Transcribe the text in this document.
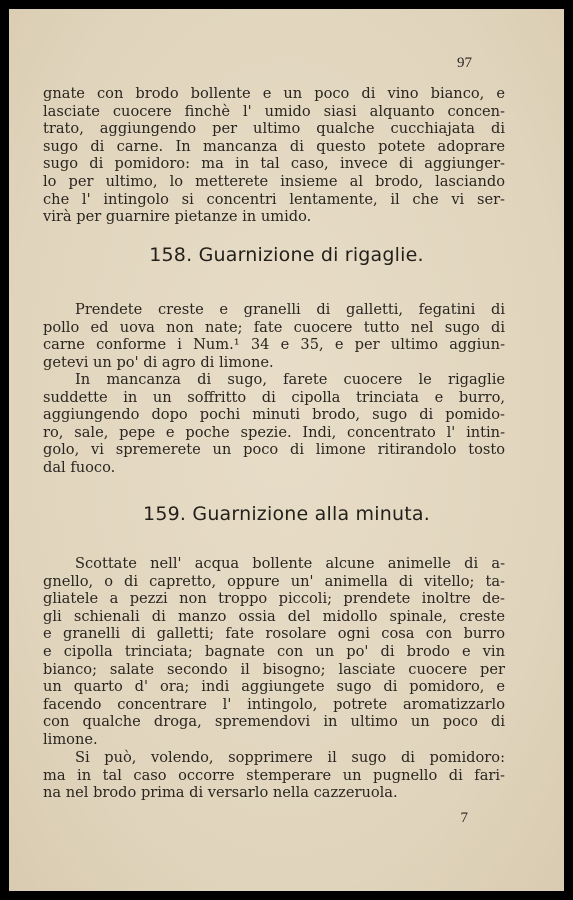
97
gnate con brodo bollente e un poco di vino bianco, e
lasciate cuocere finchè l' umido siasi alquanto concen-
trato, aggiungendo per ultimo qualche cucchiajata di
sugo di carne. In mancanza di questo potete adoprare
sugo di pomidoro: ma in tal caso, invece di aggiunger-
lo per ultimo, lo metterete insieme al brodo, lasciando
che l' intingolo si concentri lentamente, il che vi ser-
virà per guarnire pietanze in umido.
158. Guarnizione di rigaglie.
Prendete creste e granelli di galletti, fegatini di
pollo ed uova non nate; fate cuocere tutto nel sugo di
carne conforme i Num.¹ 34 e 35, e per ultimo aggiun-
getevi un po' di agro di limone.
In mancanza di sugo, farete cuocere le rigaglie
suddette in un soffritto di cipolla trinciata e burro,
aggiungendo dopo pochi minuti brodo, sugo di pomido-
ro, sale, pepe e poche spezie. Indi, concentrato l' intin-
golo, vi spremerete un poco di limone ritirandolo tosto
dal fuoco.
159. Guarnizione alla minuta.
Scottate nell' acqua bollente alcune animelle di a-
gnello, o di capretto, oppure un' animella di vitello; ta-
gliatele a pezzi non troppo piccoli; prendete inoltre de-
gli schienali di manzo ossia del midollo spinale, creste
e granelli di galletti; fate rosolare ogni cosa con burro
e cipolla trinciata; bagnate con un po' di brodo e vin
bianco; salate secondo il bisogno; lasciate cuocere per
un quarto d' ora; indi aggiungete sugo di pomidoro, e
facendo concentrare l' intingolo, potrete aromatizzarlo
con qualche droga, spremendovi in ultimo un poco di
limone.
Si può, volendo, sopprimere il sugo di pomidoro:
ma in tal caso occorre stemperare un pugnello di fari-
na nel brodo prima di versarlo nella cazzeruola.
7
